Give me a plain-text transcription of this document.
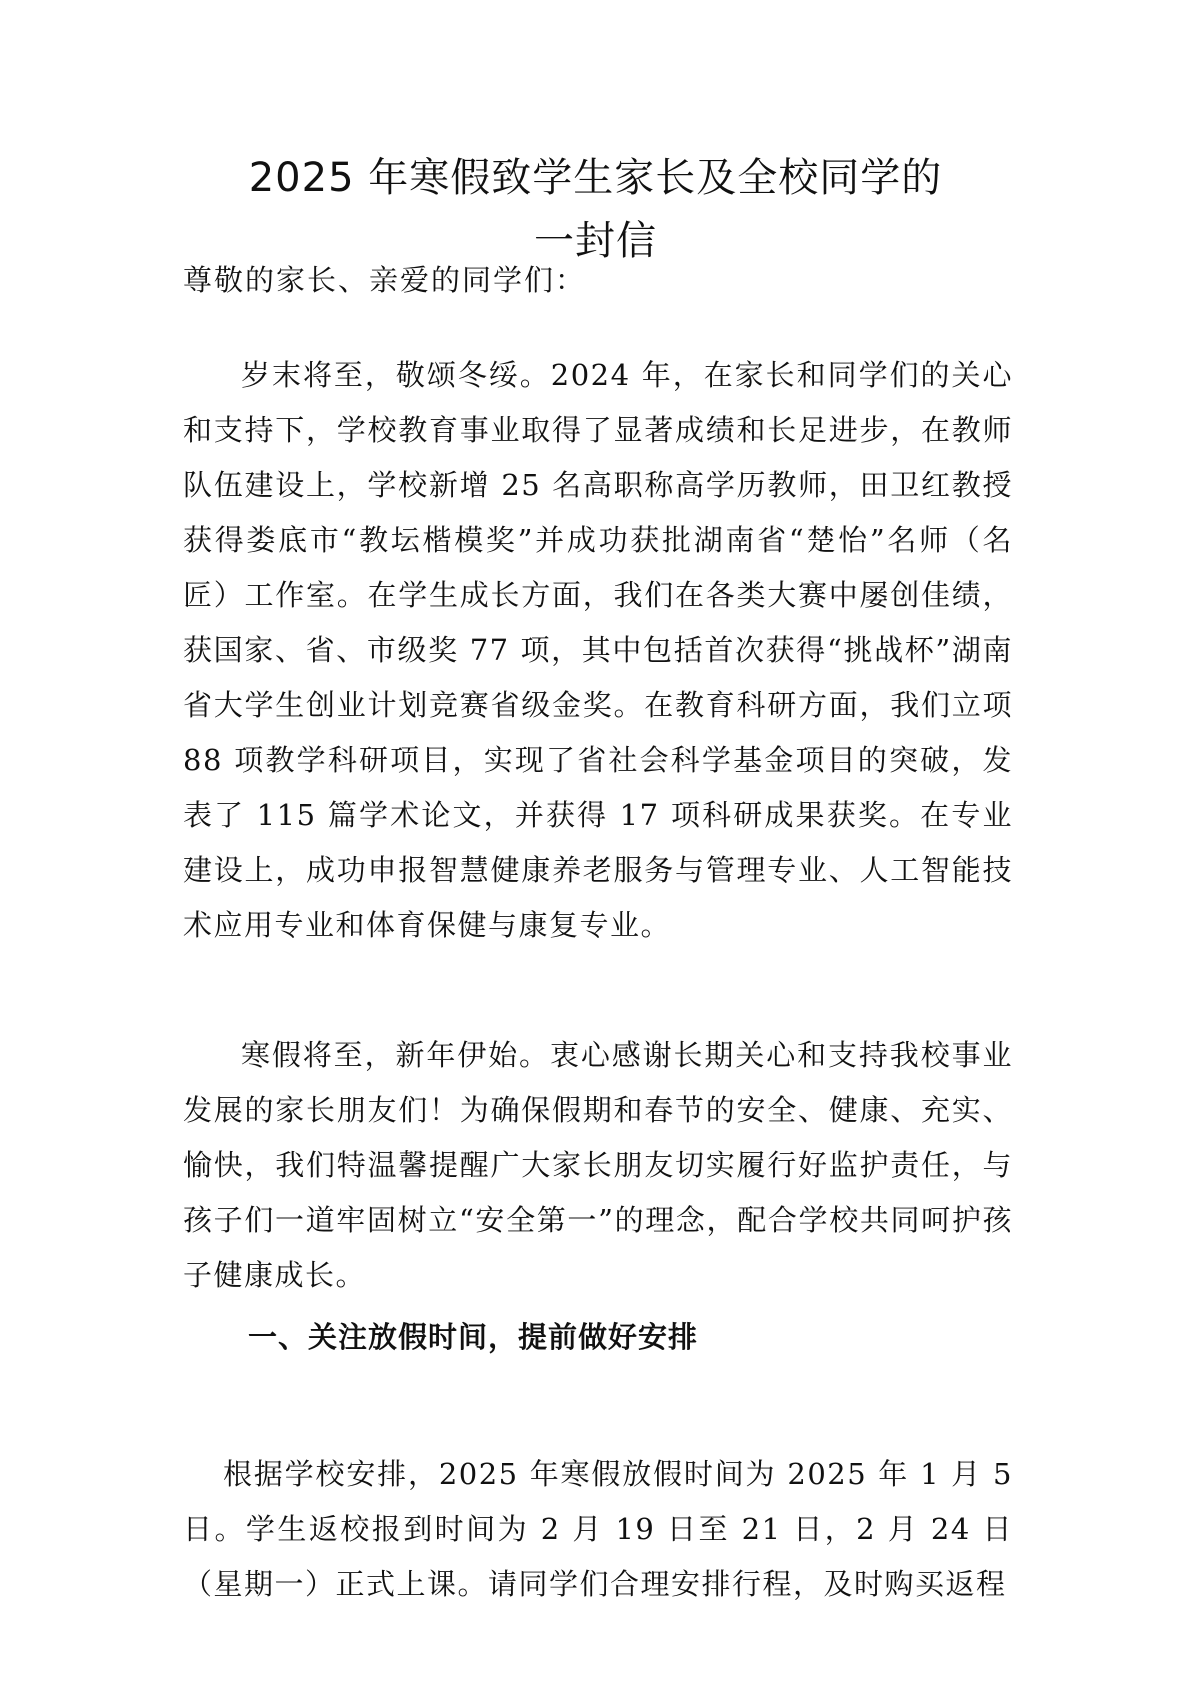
2025 年寒假致学生家长及全校同学的
一封信
尊敬的家长、亲爱的同学们：

岁末将至，敬颂冬绥。2024 年，在家长和同学们的关心和支持下，学校教育事业取得了显著成绩和长足进步，在教师队伍建设上，学校新增 25 名高职称高学历教师，田卫红教授获得娄底市“教坛楷模奖”并成功获批湖南省“楚怡”名师（名匠）工作室。在学生成长方面，我们在各类大赛中屡创佳绩，获国家、省、市级奖 77 项，其中包括首次获得“挑战杯”湖南省大学生创业计划竞赛省级金奖。在教育科研方面，我们立项 88 项教学科研项目，实现了省社会科学基金项目的突破，发表了 115 篇学术论文，并获得 17 项科研成果获奖。在专业建设上，成功申报智慧健康养老服务与管理专业、人工智能技术应用专业和体育保健与康复专业。

寒假将至，新年伊始。衷心感谢长期关心和支持我校事业发展的家长朋友们！为确保假期和春节的安全、健康、充实、愉快，我们特温馨提醒广大家长朋友切实履行好监护责任，与孩子们一道牢固树立“安全第一”的理念，配合学校共同呵护孩子健康成长。

一、关注放假时间，提前做好安排

根据学校安排，2025 年寒假放假时间为 2025 年 1 月 5 日。学生返校报到时间为 2 月 19 日至 21 日，2 月 24 日（星期一）正式上课。请同学们合理安排行程，及时购买返程
